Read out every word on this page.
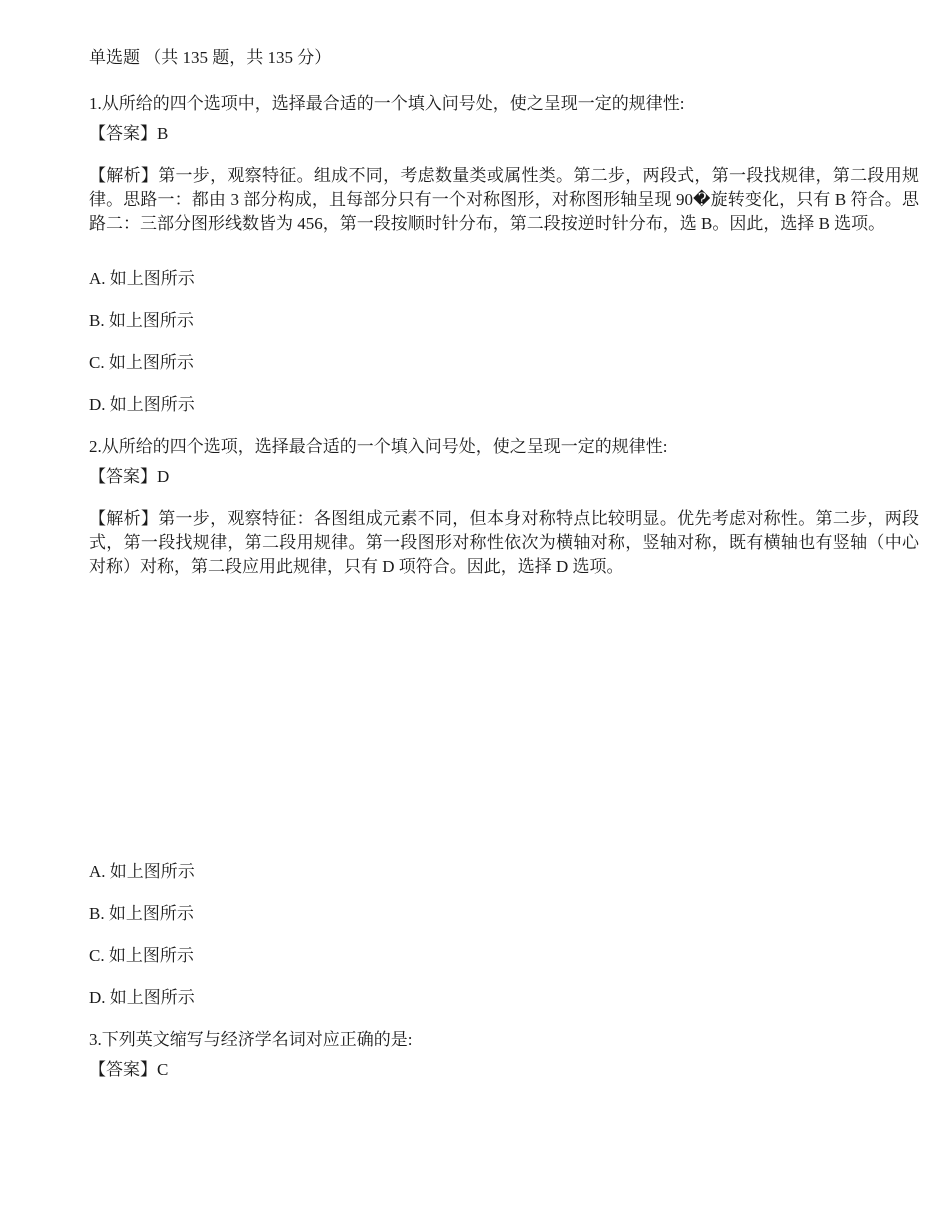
单选题 （共 135 题，共 135 分）

1.从所给的四个选项中，选择最合适的一个填入问号处，使之呈现一定的规律性:

【答案】B

【解析】第一步，观察特征。组成不同，考虑数量类或属性类。第二步，两段式，第一段找规律，第二段用规律。思路一：都由 3 部分构成，且每部分只有一个对称图形，对称图形轴呈现 90�旋转变化，只有 B 符合。思路二：三部分图形线数皆为 456，第一段按顺时针分布，第二段按逆时针分布，选 B。因此，选择 B 选项。

A. 如上图所示
B. 如上图所示
C. 如上图所示
D. 如上图所示

2.从所给的四个选项，选择最合适的一个填入问号处，使之呈现一定的规律性:

【答案】D

【解析】第一步，观察特征：各图组成元素不同，但本身对称特点比较明显。优先考虑对称性。第二步，两段式，第一段找规律，第二段用规律。第一段图形对称性依次为横轴对称，竖轴对称，既有横轴也有竖轴（中心对称）对称，第二段应用此规律，只有 D 项符合。因此，选择 D 选项。

A. 如上图所示
B. 如上图所示
C. 如上图所示
D. 如上图所示

3.下列英文缩写与经济学名词对应正确的是:

【答案】C
